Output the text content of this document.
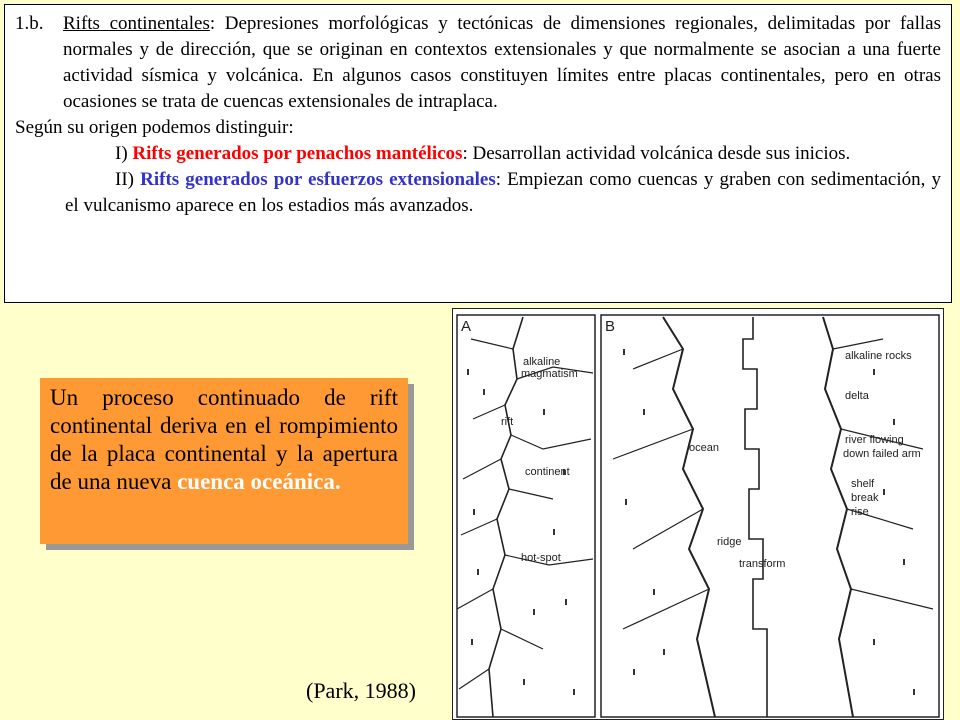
1.b.	Rifts continentales: Depresiones morfológicas y tectónicas de dimensiones regionales, delimitadas por fallas normales y de dirección, que se originan en contextos extensionales y que normalmente se asocian a una fuerte actividad sísmica y volcánica. En algunos casos constituyen límites entre placas continentales, pero en otras ocasiones se trata de cuencas extensionales de intraplaca.

Según su origen podemos distinguir:

I) Rifts generados por penachos mantélicos: Desarrollan actividad volcánica desde sus inicios.

II) Rifts generados por esfuerzos extensionales: Empiezan como cuencas y graben con sedimentación, y el vulcanismo aparece en los estadios más avanzados.

Un proceso continuado de rift continental deriva en el rompimiento de la placa continental y la apertura de una nueva cuenca oceánica.
A
alkaline
magmatism
rift
continent
hot-spot
B
alkaline rocks
delta
river flowing
down failed arm
shelf
break
rise
ocean
ridge
transform
(Park, 1988)
